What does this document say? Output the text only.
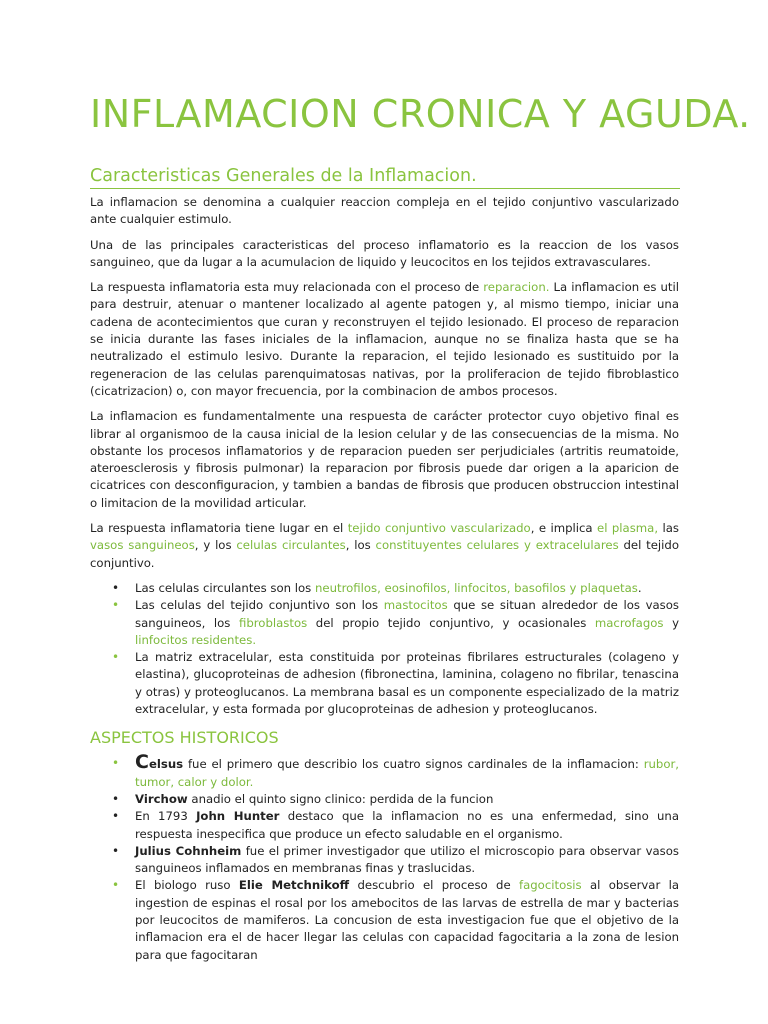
INFLAMACION CRONICA Y AGUDA.
Caracteristicas Generales de la Inflamacion.

La inflamacion se denomina a cualquier reaccion compleja en el tejido conjuntivo vascularizado ante cualquier estimulo.

Una de las principales caracteristicas del proceso inflamatorio es la reaccion de los vasos sanguineo, que da lugar a la acumulacion de liquido y leucocitos en los tejidos extravasculares.

La respuesta inflamatoria esta muy relacionada con el proceso de reparacion. La inflamacion es util para destruir, atenuar o mantener localizado al agente patogen y, al mismo tiempo, iniciar una cadena de acontecimientos que curan y reconstruyen el tejido lesionado. El proceso de reparacion se inicia durante las fases iniciales de la inflamacion, aunque no se finaliza hasta que se ha neutralizado el estimulo lesivo. Durante la reparacion, el tejido lesionado es sustituido por la regeneracion de las celulas parenquimatosas nativas, por la proliferacion de tejido fibroblastico (cicatrizacion) o, con mayor frecuencia, por la combinacion de ambos procesos.

La inflamacion es fundamentalmente una respuesta de carácter protector cuyo objetivo final es librar al organismoo de la causa inicial de la lesion celular y de las consecuencias de la misma. No obstante los procesos inflamatorios y de reparacion pueden ser perjudiciales (artritis reumatoide, ateroesclerosis y fibrosis pulmonar) la reparacion por fibrosis puede dar origen a la aparicion de cicatrices con desconfiguracion, y tambien a bandas de fibrosis que producen obstruccion intestinal o limitacion de la movilidad articular.

La respuesta inflamatoria tiene lugar en el tejido conjuntivo vascularizado, e implica el plasma, las vasos sanguineos, y los celulas circulantes, los constituyentes celulares y extracelulares del tejido conjuntivo.

• Las celulas circulantes son los neutrofilos, eosinofilos, linfocitos, basofilos y plaquetas.
• Las celulas del tejido conjuntivo son los mastocitos que se situan alrededor de los vasos sanguineos, los fibroblastos del propio tejido conjuntivo, y ocasionales macrofagos y linfocitos residentes.
• La matriz extracelular, esta constituida por proteinas fibrilares estructurales (colageno y elastina), glucoproteinas de adhesion (fibronectina, laminina, colageno no fibrilar, tenascina y otras) y proteoglucanos. La membrana basal es un componente especializado de la matriz extracelular, y esta formada por glucoproteinas de adhesion y proteoglucanos.
ASPECTOS HISTORICOS
• Celsus fue el primero que describio los cuatro signos cardinales de la inflamacion: rubor, tumor, calor y dolor.
• Virchow anadio el quinto signo clinico: perdida de la funcion
• En 1793 John Hunter destaco que la inflamacion no es una enfermedad, sino una respuesta inespecifica que produce un efecto saludable en el organismo.
• Julius Cohnheim fue el primer investigador que utilizo el microscopio para observar vasos sanguineos inflamados en membranas finas y traslucidas.
• El biologo ruso Elie Metchnikoff descubrio el proceso de fagocitosis al observar la ingestion de espinas el rosal por los amebocitos de las larvas de estrella de mar y bacterias por leucocitos de mamiferos. La concusion de esta investigacion fue que el objetivo de la inflamacion era el de hacer llegar las celulas con capacidad fagocitaria a la zona de lesion para que fagocitaran
